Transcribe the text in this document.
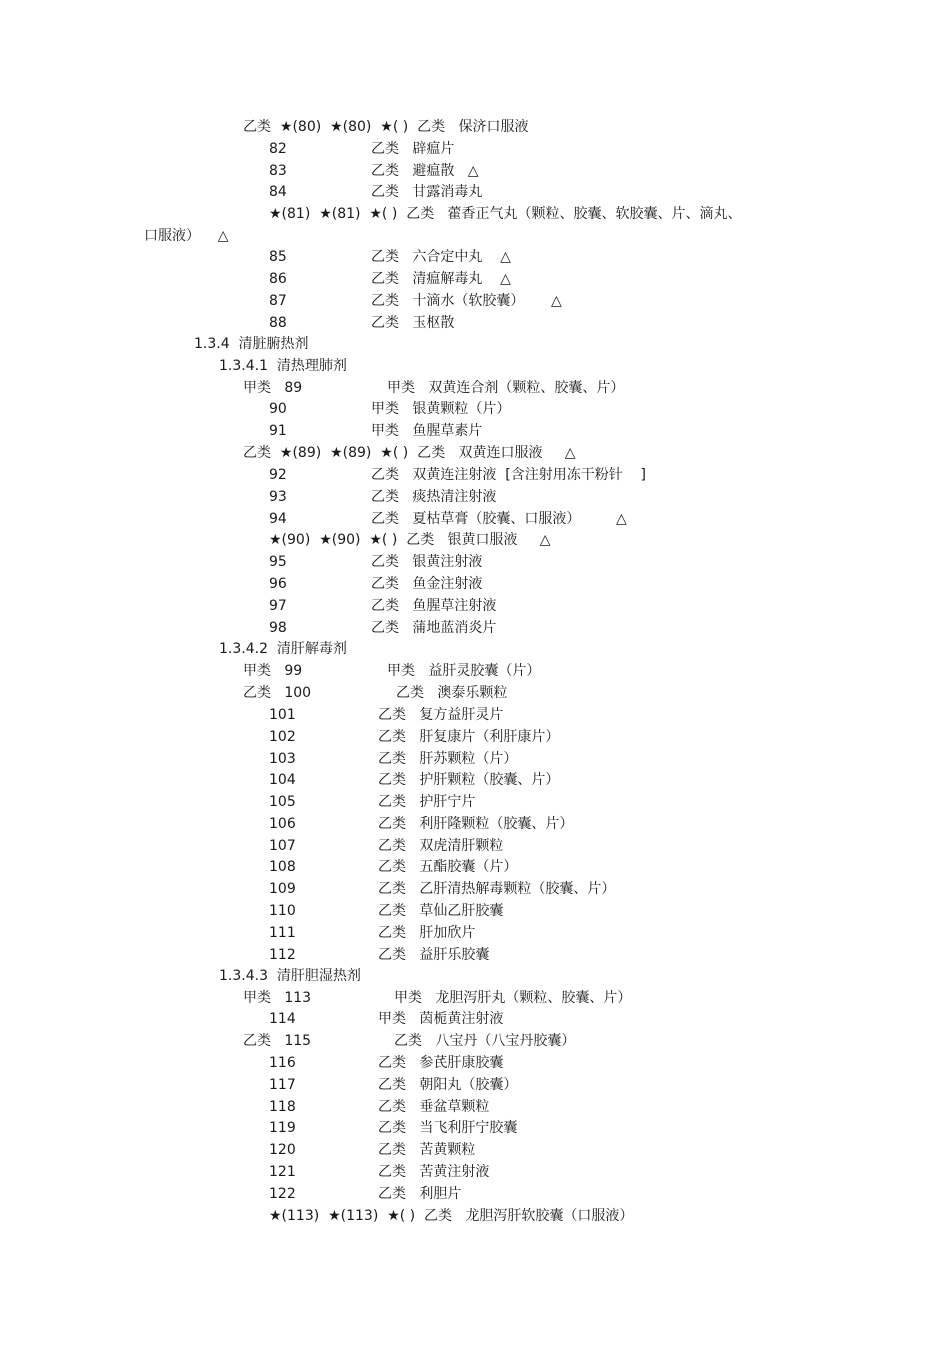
乙类  ★(80)  ★(80)  ★( )  乙类   保济口服液
82	乙类   辟瘟片
83	乙类   避瘟散   △
84	乙类   甘露消毒丸
★(81)  ★(81)  ★( )  乙类   藿香正气丸（颗粒、胶囊、软胶囊、片、滴丸、
口服液）    △
85	乙类   六合定中丸    △
86	乙类   清瘟解毒丸    △
87	乙类   十滴水（软胶囊）      △
88	乙类   玉枢散
1.3.4  清脏腑热剂
1.3.4.1  清热理肺剂
甲类   89	甲类   双黄连合剂（颗粒、胶囊、片）
90	甲类   银黄颗粒（片）
91	甲类   鱼腥草素片
乙类  ★(89)  ★(89)  ★( )  乙类   双黄连口服液     △
92	乙类   双黄连注射液  [含注射用冻干粉针    ]
93	乙类   痰热清注射液
94	乙类   夏枯草膏（胶囊、口服液）        △
★(90)  ★(90)  ★( )  乙类   银黄口服液     △
95	乙类   银黄注射液
96	乙类   鱼金注射液
97	乙类   鱼腥草注射液
98	乙类   蒲地蓝消炎片
1.3.4.2  清肝解毒剂
甲类   99	甲类   益肝灵胶囊（片）
乙类   100	乙类   澳泰乐颗粒
101	乙类   复方益肝灵片
102	乙类   肝复康片（利肝康片）
103	乙类   肝苏颗粒（片）
104	乙类   护肝颗粒（胶囊、片）
105	乙类   护肝宁片
106	乙类   利肝隆颗粒（胶囊、片）
107	乙类   双虎清肝颗粒
108	乙类   五酯胶囊（片）
109	乙类   乙肝清热解毒颗粒（胶囊、片）
110	乙类   草仙乙肝胶囊
111	乙类   肝加欣片
112	乙类   益肝乐胶囊
1.3.4.3  清肝胆湿热剂
甲类   113	甲类   龙胆泻肝丸（颗粒、胶囊、片）
114	甲类   茵栀黄注射液
乙类   115	乙类   八宝丹（八宝丹胶囊）
116	乙类   参芪肝康胶囊
117	乙类   朝阳丸（胶囊）
118	乙类   垂盆草颗粒
119	乙类   当飞利肝宁胶囊
120	乙类   苦黄颗粒
121	乙类   苦黄注射液
122	乙类   利胆片
★(113)  ★(113)  ★( )  乙类   龙胆泻肝软胶囊（口服液）
